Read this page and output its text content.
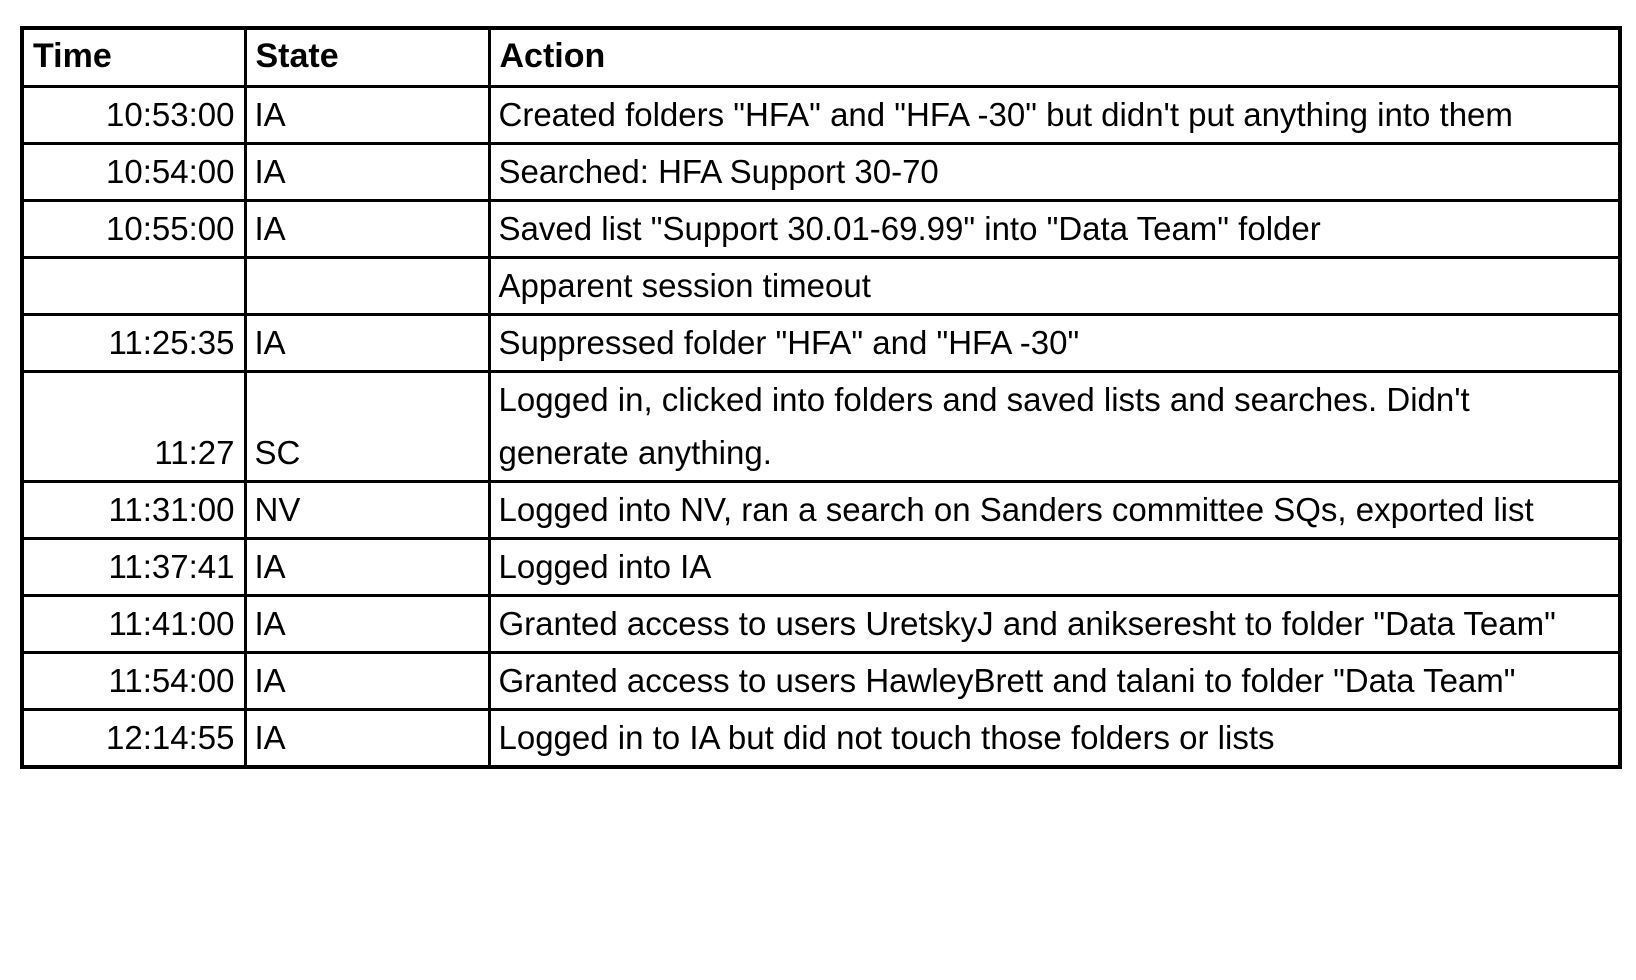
Time	State	Action
10:53:00	IA	Created folders "HFA" and "HFA -30" but didn't put anything into them
10:54:00	IA	Searched: HFA Support 30-70
10:55:00	IA	Saved list "Support 30.01-69.99" into "Data Team" folder
		Apparent session timeout
11:25:35	IA	Suppressed folder "HFA" and "HFA -30"
11:27	SC	Logged in, clicked into folders and saved lists and searches. Didn't generate anything.
11:31:00	NV	Logged into NV, ran a search on Sanders committee SQs, exported list
11:37:41	IA	Logged into IA
11:41:00	IA	Granted access to users UretskyJ and anikseresht to folder "Data Team"
11:54:00	IA	Granted access to users HawleyBrett and talani to folder "Data Team"
12:14:55	IA	Logged in to IA but did not touch those folders or lists
